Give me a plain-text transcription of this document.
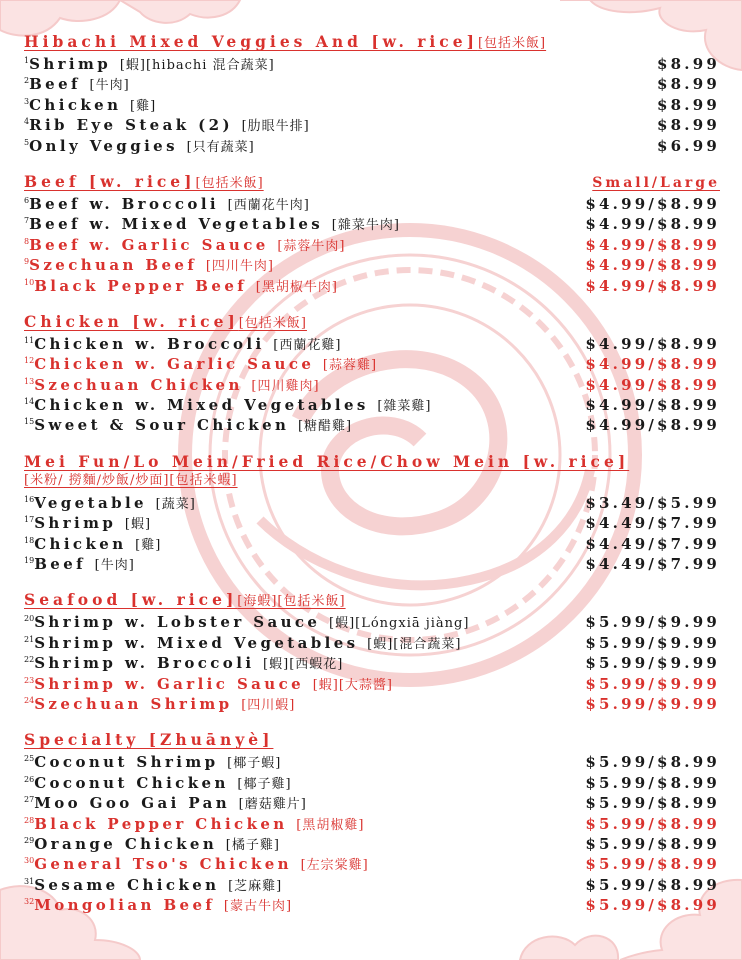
Hibachi Mixed Veggies And [w. rice][包括米飯]
$^1$Shrimp [蝦][hibachi 混合蔬菜]	$8.99
$^2$Beef [牛肉]	$8.99
$^3$Chicken [雞]	$8.99
$^4$Rib Eye Steak (2) [肋眼牛排]	$8.99
$^5$Only Veggies [只有蔬菜]	$6.99
Beef [w. rice][包括米飯]	Small/Large
$^6$Beef w. Broccoli [西蘭花牛肉]	$4.99/$8.99
$^7$Beef w. Mixed Vegetables [雜菜牛肉]	$4.99/$8.99
$^8$Beef w. Garlic Sauce [蒜蓉牛肉]	$4.99/$8.99
$^9$Szechuan Beef [四川牛肉]	$4.99/$8.99
$^{10}$Black Pepper Beef [黑胡椒牛肉]	$4.99/$8.99
Chicken [w. rice][包括米飯]
$^{11}$Chicken w. Broccoli [西蘭花雞]	$4.99/$8.99
$^{12}$Chicken w. Garlic Sauce [蒜蓉雞]	$4.99/$8.99
$^{13}$Szechuan Chicken [四川雞肉]	$4.99/$8.99
$^{14}$Chicken w. Mixed Vegetables [雜菜雞]	$4.99/$8.99
$^{15}$Sweet & Sour Chicken [糖醋雞]	$4.99/$8.99
Mei Fun/Lo Mein/Fried Rice/Chow Mein [w. rice]
[米粉/ 撈麵/炒飯/炒面][包括米蝦]
$^{16}$Vegetable [蔬菜]	$3.49/$5.99
$^{17}$Shrimp [蝦]	$4.49/$7.99
$^{18}$Chicken [雞]	$4.49/$7.99
$^{19}$Beef [牛肉]	$4.49/$7.99
Seafood [w. rice][海蝦][包括米飯]
$^{20}$Shrimp w. Lobster Sauce [蝦][Lóngxiā jiàng]	$5.99/$9.99
$^{21}$Shrimp w. Mixed Vegetables [蝦][混合蔬菜]	$5.99/$9.99
$^{22}$Shrimp w. Broccoli [蝦][西蝦花]	$5.99/$9.99
$^{23}$Shrimp w. Garlic Sauce [蝦][大蒜醬]	$5.99/$9.99
$^{24}$Szechuan Shrimp [四川蝦]	$5.99/$9.99
Specialty [Zhuānyè]
$^{25}$Coconut Shrimp [椰子蝦]	$5.99/$8.99
$^{26}$Coconut Chicken [椰子雞]	$5.99/$8.99
$^{27}$Moo Goo Gai Pan [蘑菇雞片]	$5.99/$8.99
$^{28}$Black Pepper Chicken [黑胡椒雞]	$5.99/$8.99
$^{29}$Orange Chicken [橘子雞]	$5.99/$8.99
$^{30}$General Tso's Chicken [左宗棠雞]	$5.99/$8.99
$^{31}$Sesame Chicken [芝麻雞]	$5.99/$8.99
$^{32}$Mongolian Beef [蒙古牛肉]	$5.99/$8.99
